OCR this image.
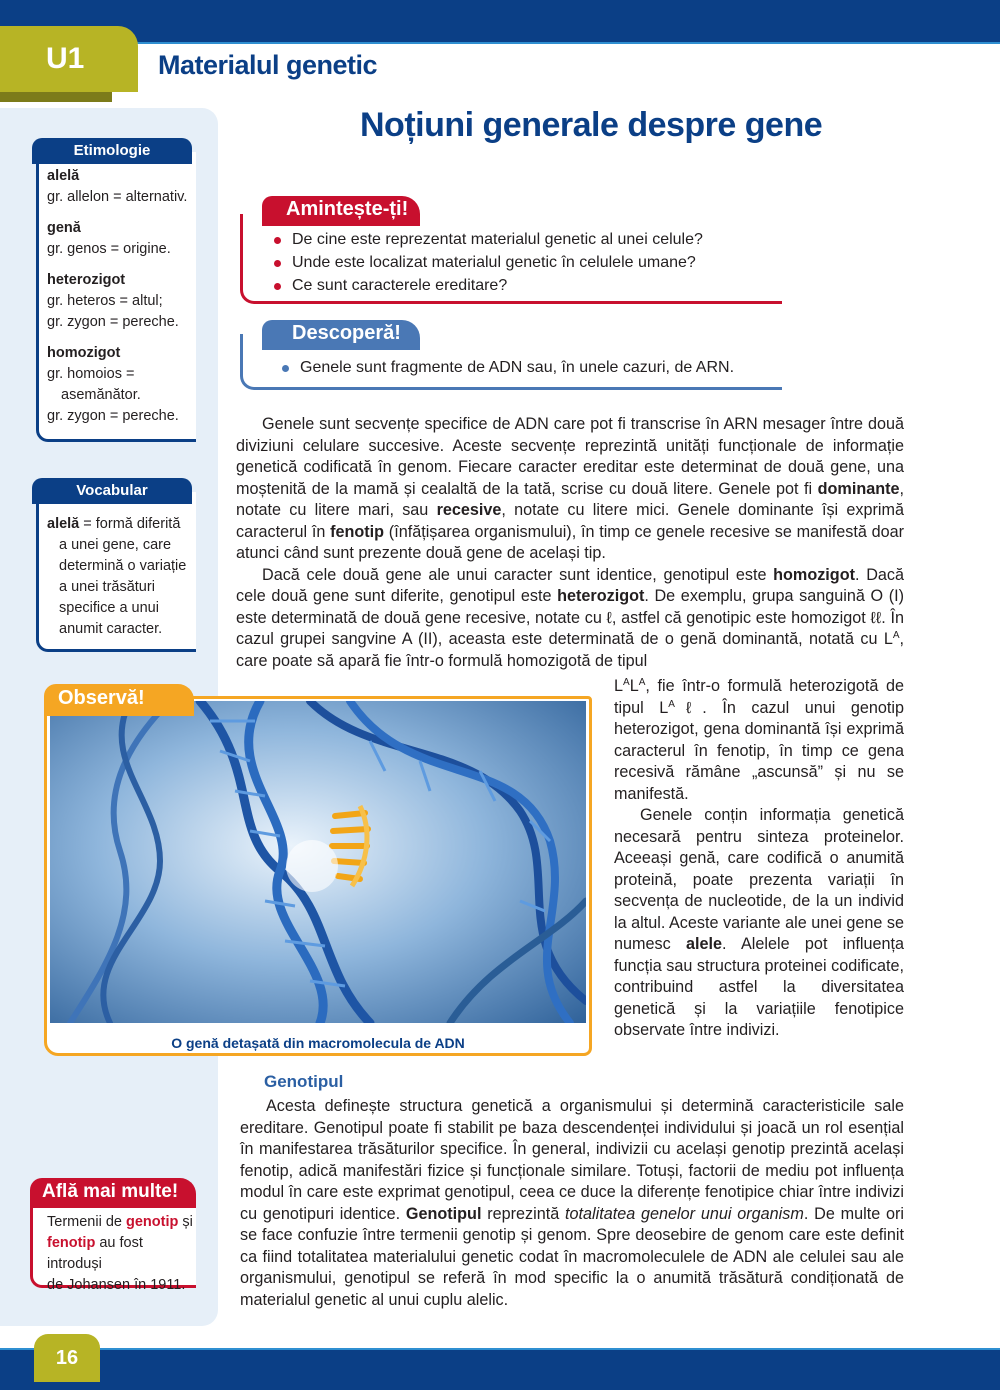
U1	Materialul genetic
Noțiuni generale despre gene
alelă
gr. allelon = alternativ.
genă
gr. genos = origine.
heterozigot
gr. heteros = altul;
gr. zygon = pereche.
homozigot
gr. homoios =
asemănător.
gr. zygon = pereche.
Etimologie
alelă = formă diferită
a unei gene, care
determină o variație
a unei trăsături
specifice a unui
anumit caracter.
Vocabular
Amintește-ți!
De cine este reprezentat materialul genetic al unei celule?
Unde este localizat materialul genetic în celulele umane?
Ce sunt caracterele ereditare?
Descoperă!
Genele sunt fragmente de ADN sau, în unele cazuri, de ARN.

Genele sunt secvențe specifice de ADN care pot fi transcrise în ARN mesager între două diviziuni celulare succesive. Aceste secvențe reprezintă unități funcționale de informație genetică codificată în genom. Fiecare caracter ereditar este determinat de două gene, una moștenită de la mamă și cealaltă de la tată, scrise cu două litere. Genele pot fi dominante, notate cu litere mari, sau recesive, notate cu litere mici. Genele dominante își exprimă caracterul în fenotip (înfățișarea organismului), în timp ce genele recesive se manifestă doar atunci când sunt prezente două gene de același tip.

Dacă cele două gene ale unui caracter sunt identice, genotipul este homozigot. Dacă cele două gene sunt diferite, genotipul este heterozigot. De exemplu, grupa sanguină O (I) este determinată de două gene recesive, notate cu ℓ, astfel că genotipic este homozigot ℓℓ. În cazul grupei sangvine A (II), aceasta este determinată de o genă dominantă, notată cu $L^A$, care poate să apară fie într-o formulă homozigotă de tipul

$L^AL^A$, fie într-o formulă heterozigotă de tipul $L^A\ell$. În cazul unui genotip heterozigot, gena dominantă își exprimă caracterul în fenotip, în timp ce gena recesivă rămâne „ascunsă” și nu se manifestă.

Genele conțin informația genetică necesară pentru sinteza proteinelor. Aceeași genă, care codifică o anumită proteină, poate prezenta variații în secvența de nucleotide, de la un individ la altul. Aceste variante ale unei gene se numesc alele. Alelele pot influența funcția sau structura proteinei codificate, contribuind astfel la diversitatea genetică și la variațiile fenotipice observate între indivizi.

O genă detașată din macromolecula de ADN
Observă!
Genotipul

Acesta definește structura genetică a organismului și determină caracteristicile sale ereditare. Genotipul poate fi stabilit pe baza descendenței individului și joacă un rol esențial în manifestarea trăsăturilor specifice. În general, indivizii cu același genotip prezintă același fenotip, adică manifestări fizice și funcționale similare. Totuși, factorii de mediu pot influența modul în care este exprimat genotipul, ceea ce duce la diferențe fenotipice chiar între indivizi cu genotipuri identice. Genotipul reprezintă totalitatea genelor unui organism. De multe ori se face confuzie între termenii genotip și genom. Spre deosebire de genom care este definit ca fiind totalitatea materialului genetic codat în macromoleculele de ADN ale celulei sau ale organismului, genotipul se referă în mod specific la o anumită trăsătură condiționată de materialul genetic al unui cuplu alelic.

Termenii de genotip și
fenotip au fost introduși
de Johansen în 1911.
Află mai multe!
16
